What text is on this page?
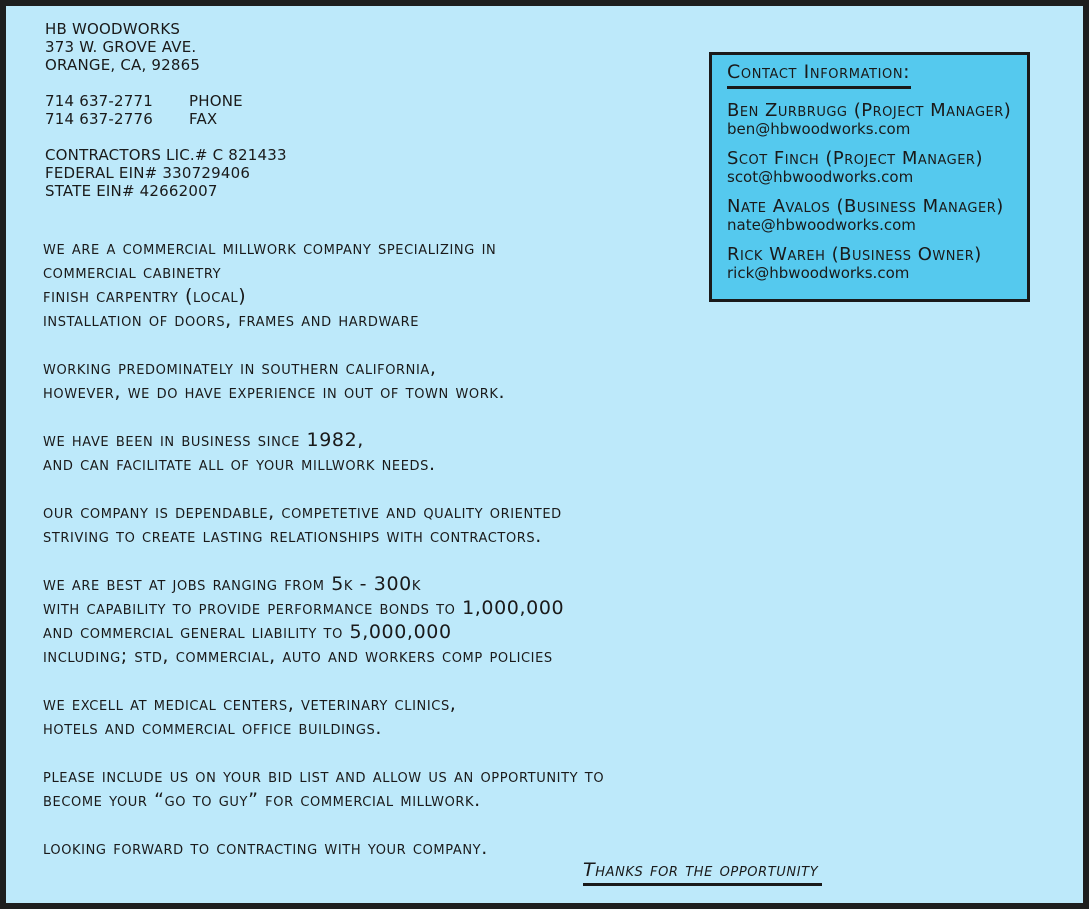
HB WOODWORKS
373 W. GROVE AVE.
ORANGE, CA, 92865
714 637-2771	PHONE
714 637-2776	FAX
CONTRACTORS LIC.# C 821433
FEDERAL EIN# 330729406
STATE EIN# 42662007

we are a commercial millwork company specializing in
commercial cabinetry
finish carpentry (local)
installation of doors, frames and hardware

working predominately in southern california,
however, we do have experience in out of town work.

we have been in business since 1982,
and can facilitate all of your millwork needs.

our company is dependable, competetive and quality oriented
striving to create lasting relationships with contractors.

we are best at jobs ranging from 5k - 300k
with capability to provide performance bonds to 1,000,000
and commercial general liability to 5,000,000
including; std, commercial, auto and workers comp policies

we excell at medical centers, veterinary clinics,
hotels and commercial office buildings.

please include us on your bid list and allow us an opportunity to
become your “go to guy” for commercial millwork.

looking forward to contracting with your company.

Thanks for the opportunity
Contact Information:
Ben Zurbrugg (Project Manager)
ben@hbwoodworks.com
Scot Finch (Project Manager)
scot@hbwoodworks.com
Nate Avalos (Business Manager)
nate@hbwoodworks.com
Rick Wareh (Business Owner)
rick@hbwoodworks.com
